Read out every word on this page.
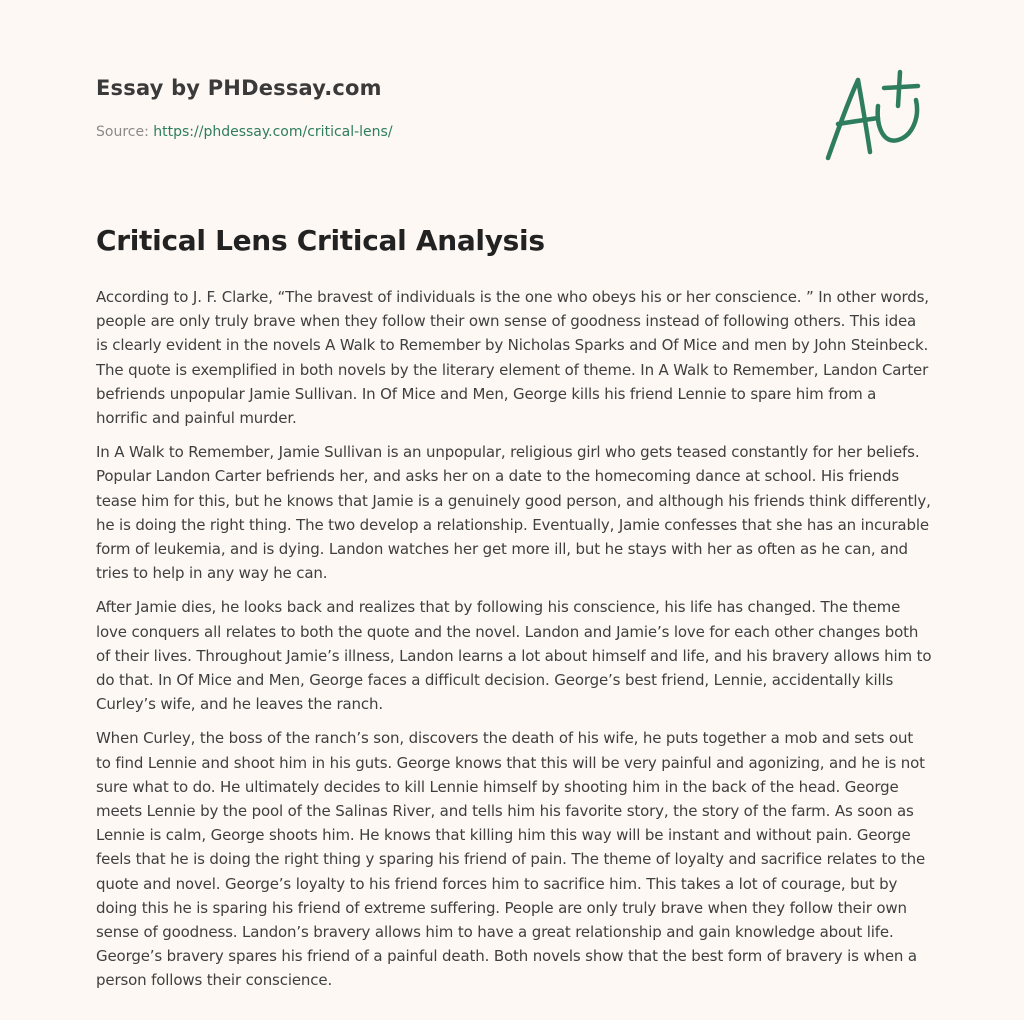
Essay by PHDessay.com
Source: https://phdessay.com/critical-lens/
Critical Lens Critical Analysis

According to J. F. Clarke, “The bravest of individuals is the one who obeys his or her conscience. ” In other words, people are only truly brave when they follow their own sense of goodness instead of following others. This idea is clearly evident in the novels A Walk to Remember by Nicholas Sparks and Of Mice and men by John Steinbeck. The quote is exemplified in both novels by the literary element of theme. In A Walk to Remember, Landon Carter befriends unpopular Jamie Sullivan. In Of Mice and Men, George kills his friend Lennie to spare him from a horrific and painful murder.

In A Walk to Remember, Jamie Sullivan is an unpopular, religious girl who gets teased constantly for her beliefs. Popular Landon Carter befriends her, and asks her on a date to the homecoming dance at school. His friends tease him for this, but he knows that Jamie is a genuinely good person, and although his friends think differently, he is doing the right thing. The two develop a relationship. Eventually, Jamie confesses that she has an incurable form of leukemia, and is dying. Landon watches her get more ill, but he stays with her as often as he can, and tries to help in any way he can.

After Jamie dies, he looks back and realizes that by following his conscience, his life has changed. The theme love conquers all relates to both the quote and the novel. Landon and Jamie’s love for each other changes both of their lives. Throughout Jamie’s illness, Landon learns a lot about himself and life, and his bravery allows him to do that. In Of Mice and Men, George faces a difficult decision. George’s best friend, Lennie, accidentally kills Curley’s wife, and he leaves the ranch.

When Curley, the boss of the ranch’s son, discovers the death of his wife, he puts together a mob and sets out to find Lennie and shoot him in his guts. George knows that this will be very painful and agonizing, and he is not sure what to do. He ultimately decides to kill Lennie himself by shooting him in the back of the head. George meets Lennie by the pool of the Salinas River, and tells him his favorite story, the story of the farm. As soon as Lennie is calm, George shoots him. He knows that killing him this way will be instant and without pain. George feels that he is doing the right thing y sparing his friend of pain. The theme of loyalty and sacrifice relates to the quote and novel. George’s loyalty to his friend forces him to sacrifice him. This takes a lot of courage, but by doing this he is sparing his friend of extreme suffering. People are only truly brave when they follow their own sense of goodness. Landon’s bravery allows him to have a great relationship and gain knowledge about life. George’s bravery spares his friend of a painful death. Both novels show that the best form of bravery is when a person follows their conscience.
